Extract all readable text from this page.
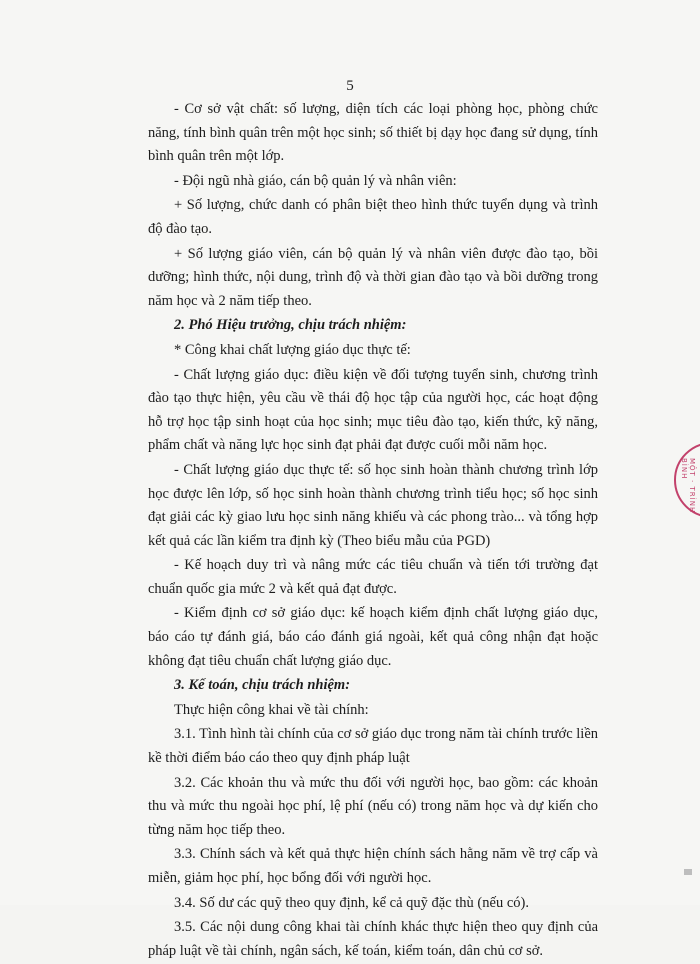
5

- Cơ sở vật chất: số lượng, diện tích các loại phòng học, phòng chức năng, tính bình quân trên một học sinh; số thiết bị dạy học đang sử dụng, tính bình quân trên một lớp.

- Đội ngũ nhà giáo, cán bộ quản lý và nhân viên:

+ Số lượng, chức danh có phân biệt theo hình thức tuyển dụng và trình độ đào tạo.

+ Số lượng giáo viên, cán bộ quản lý và nhân viên được đào tạo, bồi dưỡng; hình thức, nội dung, trình độ và thời gian đào tạo và bồi dưỡng trong năm học và 2 năm tiếp theo.

2. Phó Hiệu trưởng, chịu trách nhiệm:

* Công khai chất lượng giáo dục thực tế:

- Chất lượng giáo dục: điều kiện về đối tượng tuyển sinh, chương trình đào tạo thực hiện, yêu cầu về thái độ học tập của người học, các hoạt động hỗ trợ học tập sinh hoạt của học sinh; mục tiêu đào tạo, kiến thức, kỹ năng, phẩm chất và năng lực học sinh đạt phải đạt được cuối mỗi năm học.

- Chất lượng giáo dục thực tế: số học sinh hoàn thành chương trình lớp học được lên lớp, số học sinh hoàn thành chương trình tiểu học; số học sinh đạt giải các kỳ giao lưu học sinh năng khiếu và các phong trào... và tổng hợp kết quả các lần kiểm tra định kỳ (Theo biểu mẫu của PGD)

- Kế hoạch duy trì và nâng mức các tiêu chuẩn và tiến tới trường đạt chuẩn quốc gia mức 2 và kết quả đạt được.

- Kiểm định cơ sở giáo dục: kế hoạch kiểm định chất lượng giáo dục, báo cáo tự đánh giá, báo cáo đánh giá ngoài, kết quả công nhận đạt hoặc không đạt tiêu chuẩn chất lượng giáo dục.

3. Kế toán, chịu trách nhiệm:

Thực hiện công khai về tài chính:

3.1. Tình hình tài chính của cơ sở giáo dục trong năm tài chính trước liền kề thời điểm báo cáo theo quy định pháp luật

3.2. Các khoản thu và mức thu đối với người học, bao gồm: các khoản thu và mức thu ngoài học phí, lệ phí (nếu có) trong năm học và dự kiến cho từng năm học tiếp theo.

3.3. Chính sách và kết quả thực hiện chính sách hằng năm về trợ cấp và miễn, giảm học phí, học bổng đối với người học.

3.4. Số dư các quỹ theo quy định, kể cả quỹ đặc thù (nếu có).

3.5. Các nội dung công khai tài chính khác thực hiện theo quy định của pháp luật về tài chính, ngân sách, kế toán, kiểm toán, dân chủ cơ sở.

MỘT · TRÌNH BÌNH
